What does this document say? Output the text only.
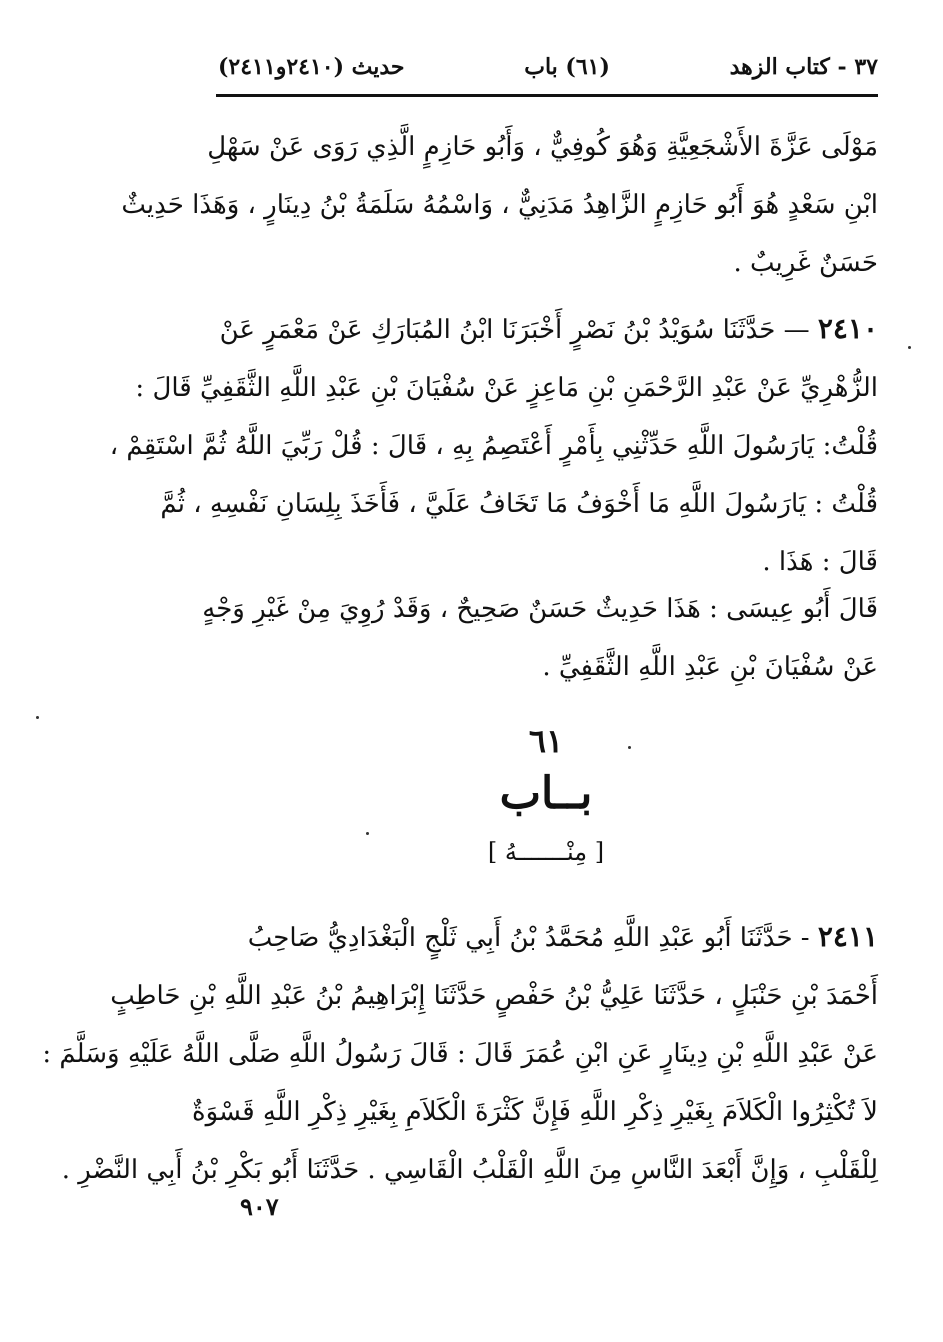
٣٧ - كتاب الزهد
(٦١) باب
حديث (٢٤١٠و٢٤١١)
مَوْلَى عَزَّةَ الأَشْجَعِيَّةِ وَهُوَ كُوفِيٌّ ، وَأَبُو حَازِمٍ الَّذِي رَوَى عَنْ سَهْلِ
ابْنِ سَعْدٍ هُوَ أَبُو حَازِمٍ الزَّاهِدُ مَدَنِيٌّ ، وَاسْمُهُ سَلَمَةُ بْنُ دِينَارٍ ، وَهَذَا حَدِيثٌ
حَسَنٌ غَرِيبٌ .
٢٤١٠ — حَدَّثَنَا سُوَيْدُ بْنُ نَصْرٍ أَخْبَرَنَا ابْنُ المُبَارَكِ عَنْ مَعْمَرٍ عَنْ
الزُّهْرِيِّ عَنْ عَبْدِ الرَّحْمَنِ بْنِ مَاعِزٍ عَنْ سُفْيَانَ بْنِ عَبْدِ اللَّهِ الثَّقَفِيِّ قَالَ :
قُلْتُ: يَارَسُولَ اللَّهِ حَدِّثْنِي بِأَمْرٍ أَعْتَصِمُ بِهِ ، قَالَ : قُلْ رَبِّيَ اللَّهُ ثُمَّ اسْتَقِمْ ،
قُلْتُ : يَارَسُولَ اللَّهِ مَا أَخْوَفُ مَا تَخَافُ عَلَيَّ ، فَأَخَذَ بِلِسَانِ نَفْسِهِ ، ثُمَّ
قَالَ : هَذَا .
قَالَ أَبُو عِيسَى : هَذَا حَدِيثٌ حَسَنٌ صَحِيحٌ ، وَقَدْ رُوِيَ مِنْ غَيْرِ وَجْهٍ
عَنْ سُفْيَانَ بْنِ عَبْدِ اللَّهِ الثَّقَفِيِّ .
٦١
بــاب
[ مِنْـــــــهُ ]
٢٤١١ - حَدَّثَنَا أَبُو عَبْدِ اللَّهِ مُحَمَّدُ بْنُ أَبِي ثَلْجٍ الْبَغْدَادِيُّ صَاحِبُ
أَحْمَدَ بْنِ حَنْبَلٍ ، حَدَّثَنَا عَلِيُّ بْنُ حَفْصٍ حَدَّثَنَا إِبْرَاهِيمُ بْنُ عَبْدِ اللَّهِ بْنِ حَاطِبٍ
عَنْ عَبْدِ اللَّهِ بْنِ دِينَارٍ عَنِ ابْنِ عُمَرَ قَالَ : قَالَ رَسُولُ اللَّهِ صَلَّى اللَّهُ عَلَيْهِ وَسَلَّمَ :
لاَ تُكْثِرُوا الْكَلاَمَ بِغَيْرِ ذِكْرِ اللَّهِ فَإِنَّ كَثْرَةَ الْكَلاَمِ بِغَيْرِ ذِكْرِ اللَّهِ قَسْوَةٌ
لِلْقَلْبِ ، وَإِنَّ أَبْعَدَ النَّاسِ مِنَ اللَّهِ الْقَلْبُ الْقَاسِي . حَدَّثَنَا أَبُو بَكْرِ بْنُ أَبِي النَّضْرِ .
٩٠٧
